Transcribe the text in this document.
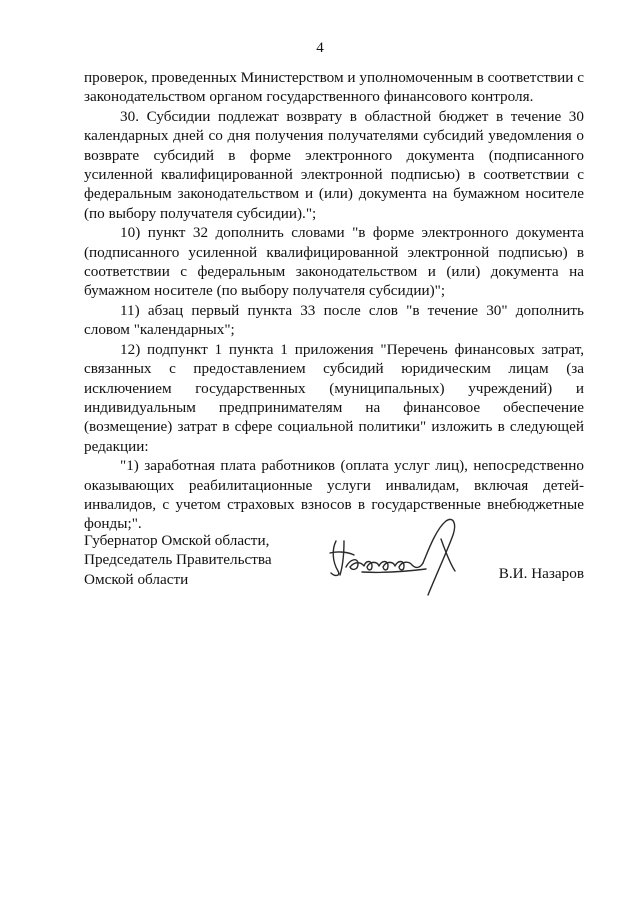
4

проверок, проведенных Министерством и уполномоченным в соответствии с законодательством органом государственного финансового контроля.

30. Субсидии подлежат возврату в областной бюджет в течение 30 календарных дней со дня получения получателями субсидий уведомления о возврате субсидий в форме электронного документа (подписанного усиленной квалифицированной электронной подписью) в соответствии с федеральным законодательством и (или) документа на бумажном носителе (по выбору получателя субсидии).";

10) пункт 32 дополнить словами "в форме электронного документа (подписанного усиленной квалифицированной электронной подписью) в соответствии с федеральным законодательством и (или) документа на бумажном носителе (по выбору получателя субсидии)";

11) абзац первый пункта 33 после слов "в течение 30" дополнить словом "календарных";

12) подпункт 1 пункта 1 приложения "Перечень финансовых затрат, связанных с предоставлением субсидий юридическим лицам (за исключением государственных (муниципальных) учреждений) и индивидуальным предпринимателям на финансовое обеспечение (возмещение) затрат в сфере социальной политики" изложить в следующей редакции:

"1) заработная плата работников (оплата услуг лиц), непосредственно оказывающих реабилитационные услуги инвалидам, включая детей-инвалидов, с учетом страховых взносов в государственные внебюджетные фонды;".

Губернатор Омской области,
Председатель Правительства
Омской области	В.И. Назаров
